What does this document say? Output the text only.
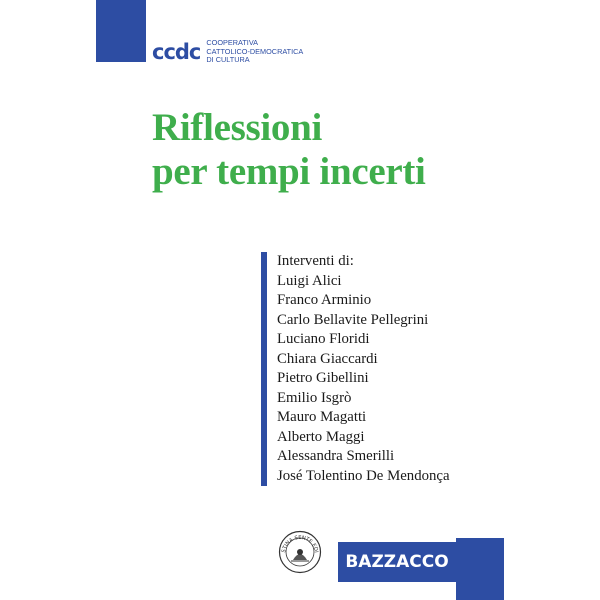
ccdc COOPERATIVA
CATTOLICO-DEMOCRATICA
DI CULTURA
Riflessioni
per tempi incerti
Interventi di:
Luigi Alici
Franco Arminio
Carlo Bellavite Pellegrini
Luciano Floridi
Chiara Giaccardi
Pietro Gibellini
Emilio Isgrò
Mauro Magatti
Alberto Maggi
Alessandra Smerilli
José Tolentino De Mendonça
STINA SENTE EDI	BAZZACCO
